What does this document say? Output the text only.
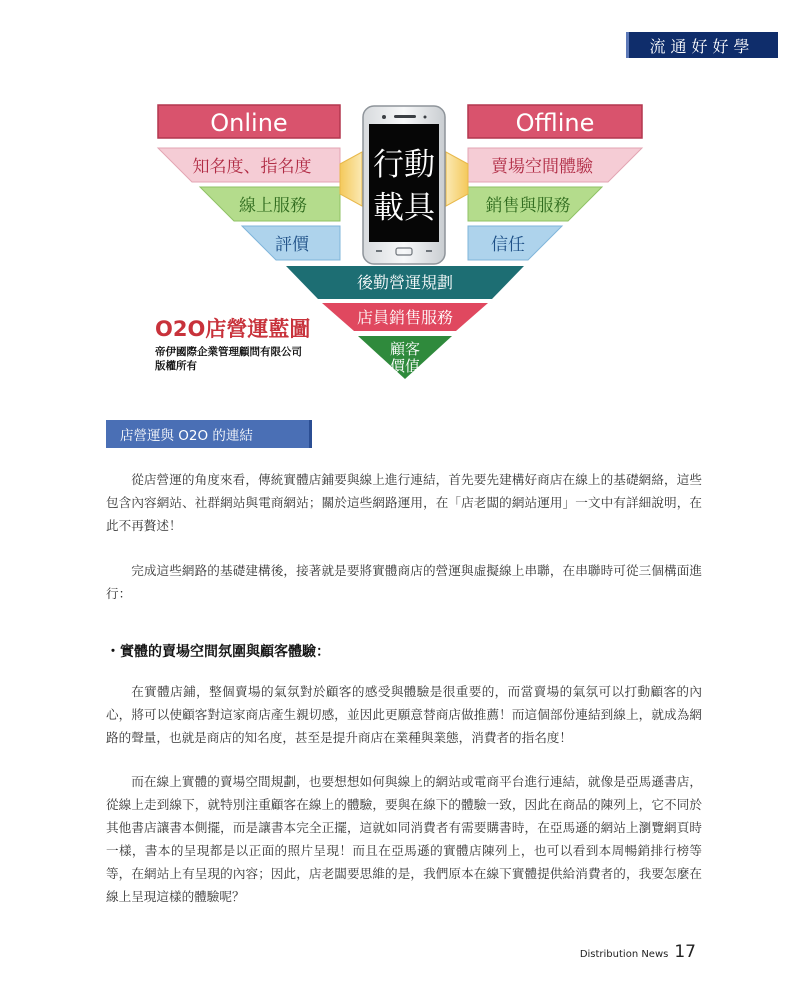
流通好好學
Online
知名度、指名度
線上服務
評價
Offline
賣場空間體驗
銷售與服務
信任
行動
載具
後勤營運規劃
店員銷售服務
顧客
價值
O2O店營運藍圖
帝伊國際企業管理顧問有限公司
版權所有
店營運與 O2O 的連結

從店營運的角度來看，傳統實體店鋪要與線上進行連結，首先要先建構好商店在線上的基礎網絡，這些包含內容網站、社群網站與電商網站；關於這些網路運用，在「店老闆的網站運用」一文中有詳細說明，在此不再贅述！

完成這些網路的基礎建構後，接著就是要將實體商店的營運與虛擬線上串聯，在串聯時可從三個構面進行：

・實體的賣場空間氛圍與顧客體驗：

在實體店鋪，整個賣場的氣氛對於顧客的感受與體驗是很重要的，而當賣場的氣氛可以打動顧客的內心，將可以使顧客對這家商店產生親切感，並因此更願意替商店做推薦！而這個部份連結到線上，就成為網路的聲量，也就是商店的知名度，甚至是提升商店在業種與業態，消費者的指名度！

而在線上實體的賣場空間規劃，也要想想如何與線上的網站或電商平台進行連結，就像是亞馬遜書店，從線上走到線下，就特別注重顧客在線上的體驗，要與在線下的體驗一致，因此在商品的陳列上，它不同於其他書店讓書本側擺，而是讓書本完全正擺，這就如同消費者有需要購書時，在亞馬遜的網站上瀏覽網頁時一樣，書本的呈現都是以正面的照片呈現！而且在亞馬遜的實體店陳列上，也可以看到本周暢銷排行榜等等，在網站上有呈現的內容；因此，店老闆要思維的是，我們原本在線下實體提供給消費者的，我要怎麼在線上呈現這樣的體驗呢？

Distribution News 17
